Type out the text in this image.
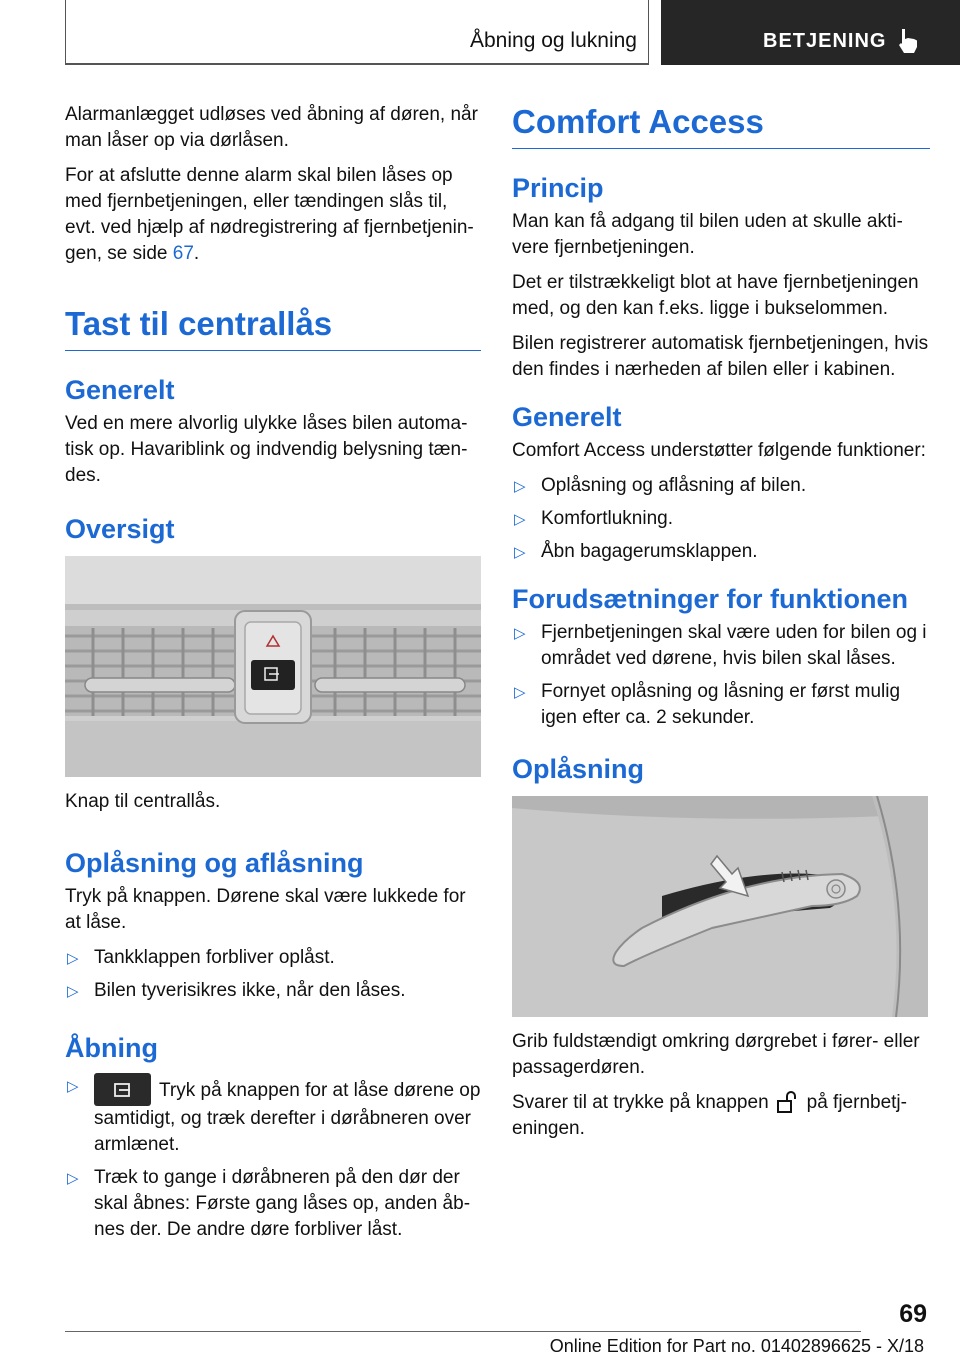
Åbning og lukning	BETJENING

Alarmanlægget udløses ved åbning af døren, når man låser op via dørlåsen.

For at afslutte denne alarm skal bilen låses op med fjernbetjeningen, eller tændingen slås til, evt. ved hjælp af nødregistrering af fjernbetjeningen, se side 67.

Tast til centrallås
Generelt

Ved en mere alvorlig ulykke låses bilen automatisk op. Havariblink og indvendig belysning tændes.

Oversigt

Knap til centrallås.

Oplåsning og aflåsning

Tryk på knappen. Dørene skal være lukkede for at låse.

▷ Tankklappen forbliver oplåst.
▷ Bilen tyverisikres ikke, når den låses.
Åbning
▷	Tryk på knappen for at låse dørene op samtidigt, og træk derefter i døråbneren over armlænet.
▷ Træk to gange i døråbneren på den dør der skal åbnes: Første gang låses op, anden åbnes der. De andre døre forbliver låst.
Comfort Access
Princip

Man kan få adgang til bilen uden at skulle aktivere fjernbetjeningen.

Det er tilstrækkeligt blot at have fjernbetjeningen med, og den kan f.eks. ligge i bukselommen.

Bilen registrerer automatisk fjernbetjeningen, hvis den findes i nærheden af bilen eller i kabinen.

Generelt

Comfort Access understøtter følgende funktioner:

▷ Oplåsning og aflåsning af bilen.
▷ Komfortlukning.
▷ Åbn bagagerumsklappen.
Forudsætninger for funktionen
▷ Fjernbetjeningen skal være uden for bilen og i området ved dørene, hvis bilen skal låses.
▷ Fornyet oplåsning og låsning er først mulig igen efter ca. 2 sekunder.
Oplåsning

Grib fuldstændigt omkring dørgrebet i fører- eller passagerdøren.

Svarer til at trykke på knappen på fjernbetjeningen.

69
Online Edition for Part no. 01402896625 - X/18
